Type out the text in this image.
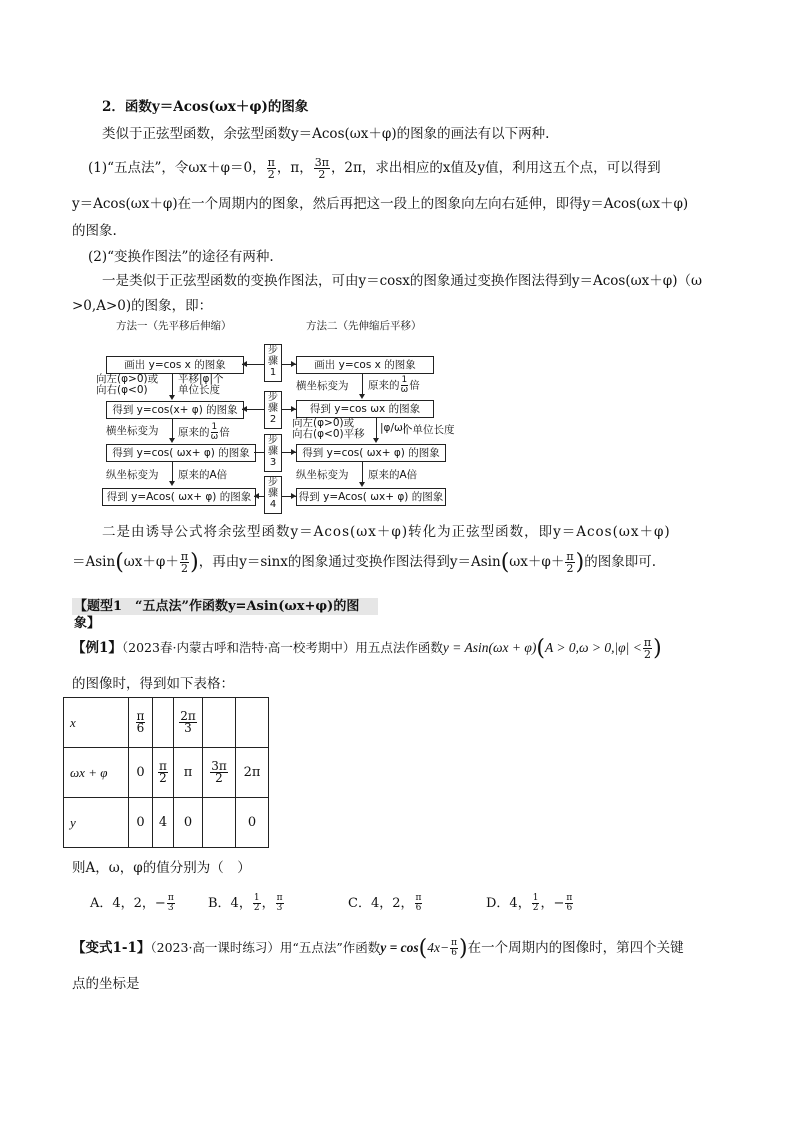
2．函数y＝Acos(ωx＋φ)的图象
类似于正弦型函数，余弦型函数y＝Acos(ωx＋φ)的图象的画法有以下两种.
(1)“五点法”，令ωx＋φ＝0， $\frac{\pi}{2}$ ，π， $\frac{3\pi}{2}$ ，2π，求出相应的x值及y值，利用这五个点，可以得到
y＝Acos(ωx＋φ)在一个周期内的图象，然后再把这一段上的图象向左向右延伸，即得y＝Acos(ωx＋φ)
的图象.
(2)“变换作图法”的途径有两种.
一是类似于正弦型函数的变换作图法，可由y＝cosx的图象通过变换作图法得到y＝Acos(ωx＋φ)（ω
>0,A>0)的图象，即：
方法一（先平移后伸缩）	方法二（先伸缩后平移）
步骤1
步骤2
步骤3
步骤4
画出 y=cos x 的图象
得到 y=cos(x+ φ) 的图象
得到 y=cos( ωx+ φ) 的图象
得到 y=Acos( ωx+ φ) 的图象
画出 y=cos x 的图象
得到 y=cos ωx 的图象
得到 y=cos( ωx+ φ) 的图象
得到 y=Acos( ωx+ φ) 的图象
向左(φ>0)或
向右(φ<0)
平移|φ|个
单位长度
横坐标变为 原来的 $\frac{1}{\omega}$ 倍
纵坐标变为 原来的A倍
横坐标变为 原来的 $\frac{1}{\omega}$ 倍
向左(φ>0)或
向右(φ<0)平移 |φ/ω|
个单位长度
纵坐标变为 原来的A倍
二是由诱导公式将余弦型函数y＝Acos(ωx＋φ)转化为正弦型函数，即y＝Acos(ωx＋φ)
$=Asin(\omega x+\varphi+ \frac{\pi}{2}$ )，再由y＝sinx的图象通过变换作图法得到$y=Asin(\omega x+\varphi+ \frac{\pi}{2}$ )的图象即可.
【题型1　“五点法”作函数y=Asin(ωx+φ)的图象】
【例1】（2023春·内蒙古呼和浩特·高一校考期中）用五点法作函数$y = Asin(\omega x + \varphi)(A > 0,\omega > 0,|\varphi| < \frac{\pi}{2}$ )
的图像时，得到如下表格：
x	$\frac{\pi}{6}$		$\frac{2\pi}{3}$

ωx + φ	0	$\frac{\pi}{2}$	π	$\frac{3\pi}{2}$	2π
y	0	4	0		0
则A，ω，φ的值分别为（　）
A．4，2，− $\frac{\pi}{3}$	B．4， $\frac{1}{2}$ ， $\frac{\pi}{3}$	C．4，2， $\frac{\pi}{6}$	D．4， $\frac{1}{2}$ ，− $\frac{\pi}{6}$
【变式1-1】（2023·高一课时练习）用“五点法”作函数$y = \cos(4x- \frac{\pi}{6}$ )在一个周期内的图像时，第四个关键
点的坐标是
